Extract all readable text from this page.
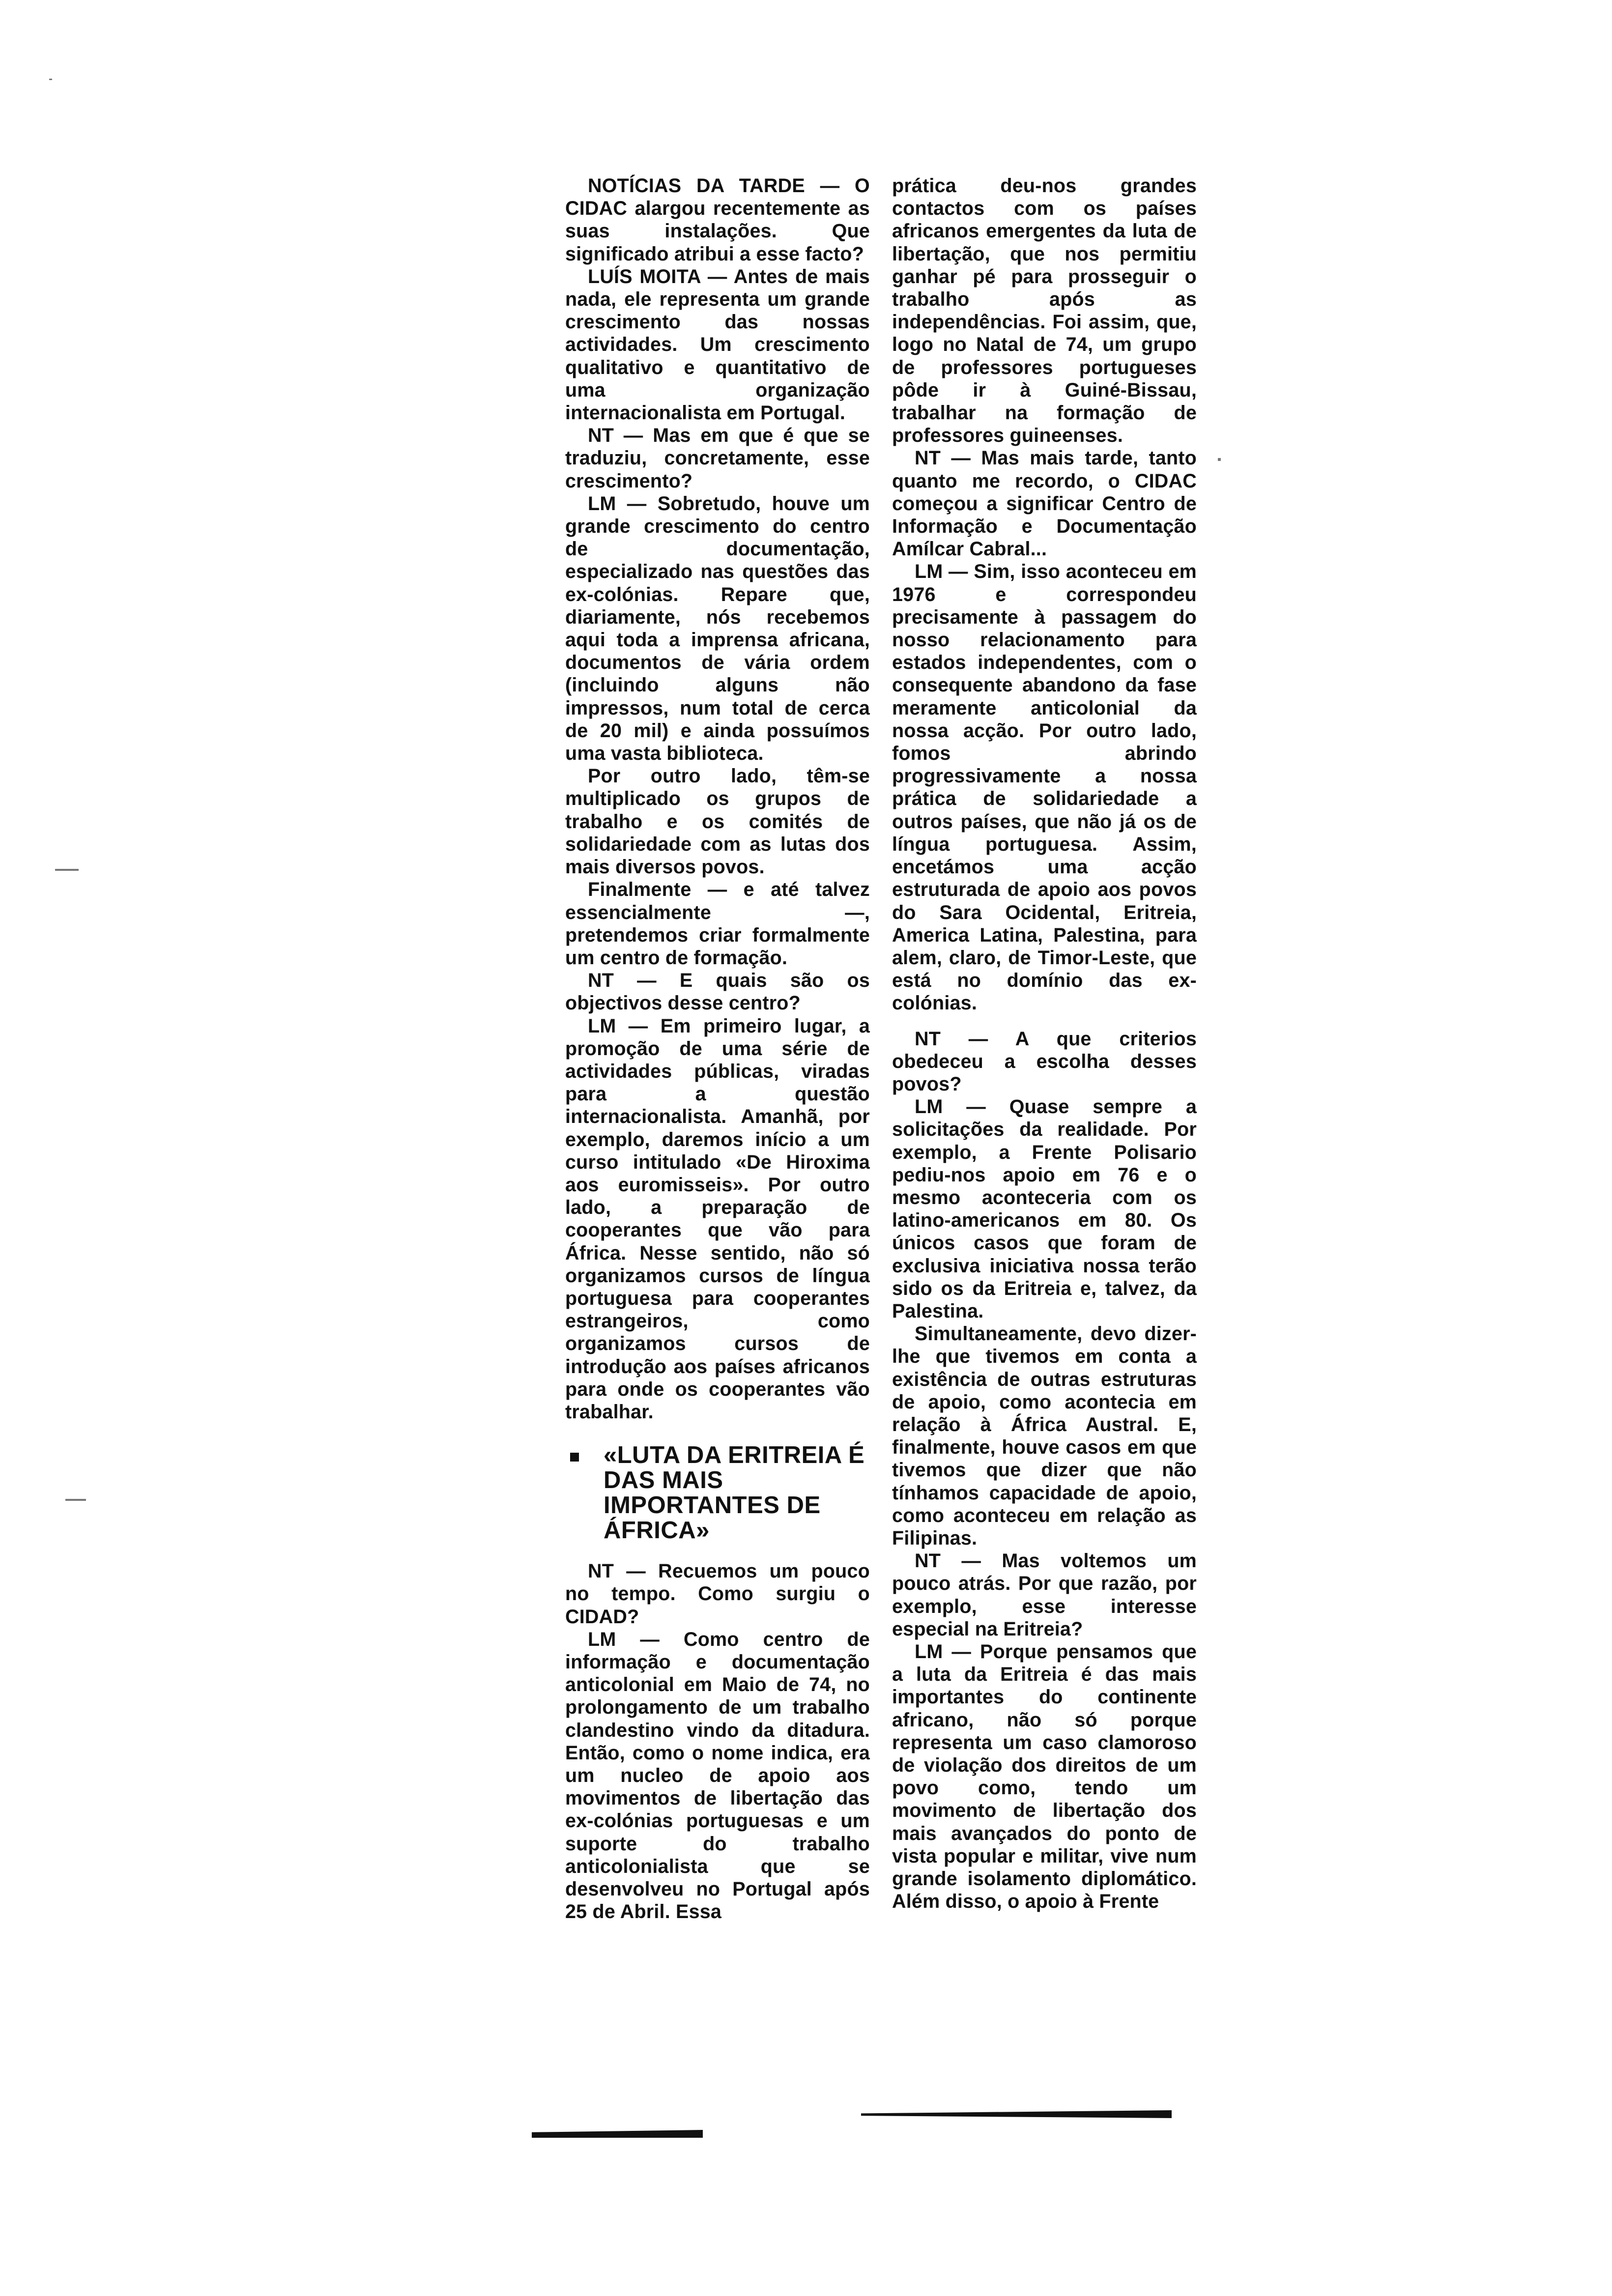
NOTÍCIAS DA TARDE — O CIDAC alargou recentemente as suas instalações. Que significado atribui a esse facto?

LUÍS MOITA — Antes de mais nada, ele representa um grande crescimento das nossas actividades. Um crescimento qualitativo e quantitativo de uma organização internacionalista em Portugal.

NT — Mas em que é que se traduziu, concretamente, esse crescimento?

LM — Sobretudo, houve um grande crescimento do centro de documentação, especializado nas questões das ex-colónias. Repare que, diariamente, nós recebemos aqui toda a imprensa africana, documentos de vária ordem (incluindo alguns não impressos, num total de cerca de 20 mil) e ainda possuímos uma vasta biblioteca.

Por outro lado, têm-se multiplicado os grupos de trabalho e os comités de solidariedade com as lutas dos mais diversos povos.

Finalmente — e até talvez essencialmente —, pretendemos criar formalmente um centro de formação.

NT — E quais são os objectivos desse centro?

LM — Em primeiro lugar, a promoção de uma série de actividades públicas, viradas para a questão internacionalista. Amanhã, por exemplo, daremos início a um curso intitulado «De Hiroxima aos euromisseis». Por outro lado, a preparação de cooperantes que vão para África. Nesse sentido, não só organizamos cursos de língua portuguesa para cooperantes estrangeiros, como organizamos cursos de introdução aos países africanos para onde os cooperantes vão trabalhar.

«LUTA DA ERITREIA É DAS MAIS IMPORTANTES DE ÁFRICA»

NT — Recuemos um pouco no tempo. Como surgiu o CIDAD?

LM — Como centro de informação e documentação anticolonial em Maio de 74, no prolongamento de um trabalho clandestino vindo da ditadura. Então, como o nome indica, era um nucleo de apoio aos movimentos de libertação das ex-colónias portuguesas e um suporte do trabalho anticolonialista que se desenvolveu no Portugal após 25 de Abril. Essa

prática deu-nos grandes contactos com os países africanos emergentes da luta de libertação, que nos permitiu ganhar pé para prosseguir o trabalho após as independências. Foi assim, que, logo no Natal de 74, um grupo de professores portugueses pôde ir à Guiné-Bissau, trabalhar na formação de professores guineenses.

NT — Mas mais tarde, tanto quanto me recordo, o CIDAC começou a significar Centro de Informação e Documentação Amílcar Cabral...

LM — Sim, isso aconteceu em 1976 e correspondeu precisamente à passagem do nosso relacionamento para estados independentes, com o consequente abandono da fase meramente anticolonial da nossa acção. Por outro lado, fomos abrindo progressivamente a nossa prática de solidariedade a outros países, que não já os de língua portuguesa. Assim, encetámos uma acção estruturada de apoio aos povos do Sara Ocidental, Eritreia, America Latina, Palestina, para alem, claro, de Timor-Leste, que está no domínio das ex-colónias.

NT — A que criterios obedeceu a escolha desses povos?

LM — Quase sempre a solicitações da realidade. Por exemplo, a Frente Polisario pediu-nos apoio em 76 e o mesmo aconteceria com os latino-americanos em 80. Os únicos casos que foram de exclusiva iniciativa nossa terão sido os da Eritreia e, talvez, da Palestina.

Simultaneamente, devo dizer-lhe que tivemos em conta a existência de outras estruturas de apoio, como acontecia em relação à África Austral. E, finalmente, houve casos em que tivemos que dizer que não tínhamos capacidade de apoio, como aconteceu em relação as Filipinas.

NT — Mas voltemos um pouco atrás. Por que razão, por exemplo, esse interesse especial na Eritreia?

LM — Porque pensamos que a luta da Eritreia é das mais importantes do continente africano, não só porque representa um caso clamoroso de violação dos direitos de um povo como, tendo um movimento de libertação dos mais avançados do ponto de vista popular e militar, vive num grande isolamento diplomático. Além disso, o apoio à Frente
